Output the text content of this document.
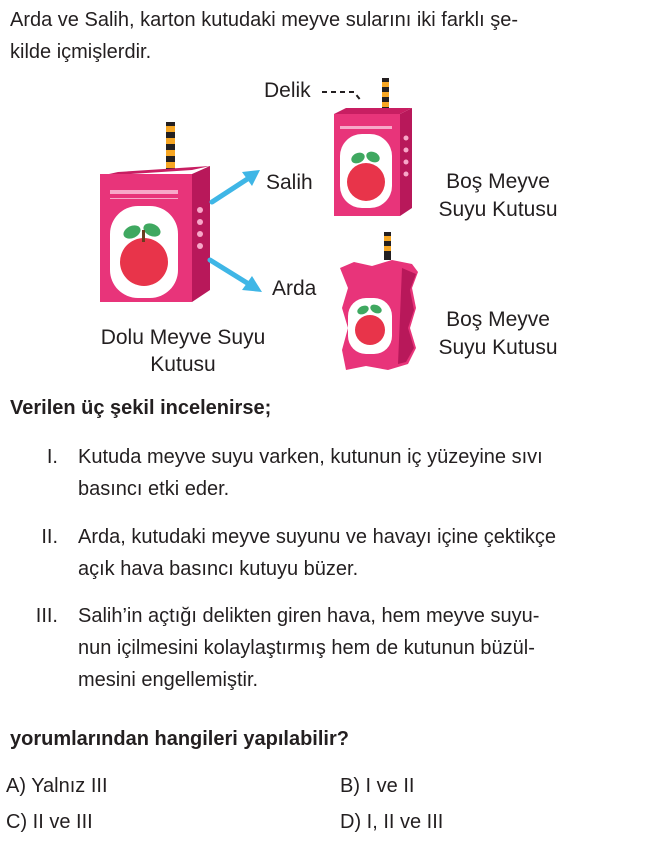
Arda ve Salih, karton kutudaki meyve sularını iki farklı şe-
kilde içmişlerdir.
Salih
Arda
Delik
Dolu Meyve Suyu
Kutusu
Boş Meyve
Suyu Kutusu
Boş Meyve
Suyu Kutusu
Verilen üç şekil incelenirse;
I. Kutuda meyve suyu varken, kutunun iç yüzeyine sıvı
basıncı etki eder.
II. Arda, kutudaki meyve suyunu ve havayı içine çektikçe
açık hava basıncı kutuyu büzer.
III. Salih’in açtığı delikten giren hava, hem meyve suyu-
nun içilmesini kolaylaştırmış hem de kutunun büzül-
mesini engellemiştir.
yorumlarından hangileri yapılabilir?
A) Yalnız III	B) I ve II
C) II ve III	D) I, II ve III
